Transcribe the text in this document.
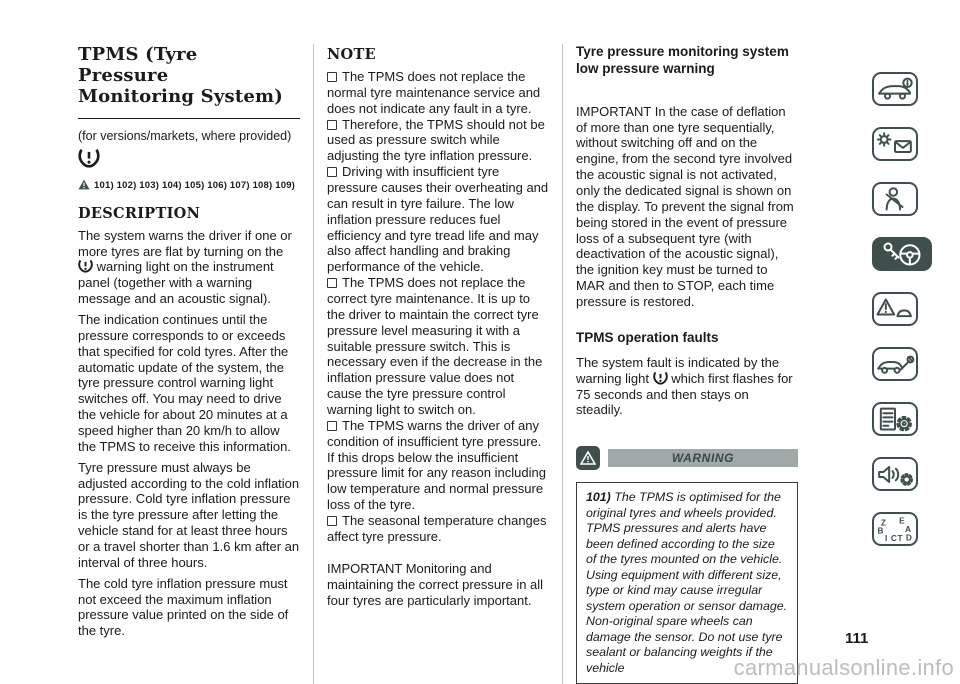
TPMS (Tyre Pressure Monitoring System)

(for versions/markets, where provided)

101) 102) 103) 104) 105) 106) 107) 108) 109)
DESCRIPTION

The system warns the driver if one or more tyres are flat by turning on the  warning light on the instrument panel (together with a warning message and an acoustic signal).

The indication continues until the pressure corresponds to or exceeds that specified for cold tyres. After the automatic update of the system, the tyre pressure control warning light switches off. You may need to drive the vehicle for about 20 minutes at a speed higher than 20 km/h to allow the TPMS to receive this information.

Tyre pressure must always be adjusted according to the cold inflation pressure. Cold tyre inflation pressure is the tyre pressure after letting the vehicle stand for at least three hours or a travel shorter than 1.6 km after an interval of three hours.

The cold tyre inflation pressure must not exceed the maximum inflation pressure value printed on the side of the tyre.

NOTE

The TPMS does not replace the normal tyre maintenance service and does not indicate any fault in a tyre.

Therefore, the TPMS should not be used as pressure switch while adjusting the tyre inflation pressure.

Driving with insufficient tyre pressure causes their overheating and can result in tyre failure. The low inflation pressure reduces fuel efficiency and tyre tread life and may also affect handling and braking performance of the vehicle.

The TPMS does not replace the correct tyre maintenance. It is up to the driver to maintain the correct tyre pressure level measuring it with a suitable pressure switch. This is necessary even if the decrease in the inflation pressure value does not cause the tyre pressure control warning light to switch on.

The TPMS warns the driver of any condition of insufficient tyre pressure. If this drops below the insufficient pressure limit for any reason including low temperature and normal pressure loss of the tyre.

The seasonal temperature changes affect tyre pressure.

IMPORTANT Monitoring and maintaining the correct pressure in all four tyres are particularly important.

Tyre pressure monitoring system low pressure warning

IMPORTANT In the case of deflation of more than one tyre sequentially, without switching off and on the engine, from the second tyre involved the acoustic signal is not activated, only the dedicated signal is shown on the display. To prevent the signal from being stored in the event of pressure loss of a subsequent tyre (with deactivation of the acoustic signal), the ignition key must be turned to MAR and then to STOP, each time pressure is restored.

TPMS operation faults

The system fault is indicated by the warning light which first flashes for 75 seconds and then stays on steadily.

WARNING
101) The TPMS is optimised for the original tyres and wheels provided. TPMS pressures and alerts have been defined according to the size of the tyres mounted on the vehicle. Using equipment with different size, type or kind may cause irregular system operation or sensor damage. Non-original spare wheels can damage the sensor. Do not use tyre sealant or balancing weights if the vehicle
Z E
B A
I C T D
111
carmanualsonline.info
